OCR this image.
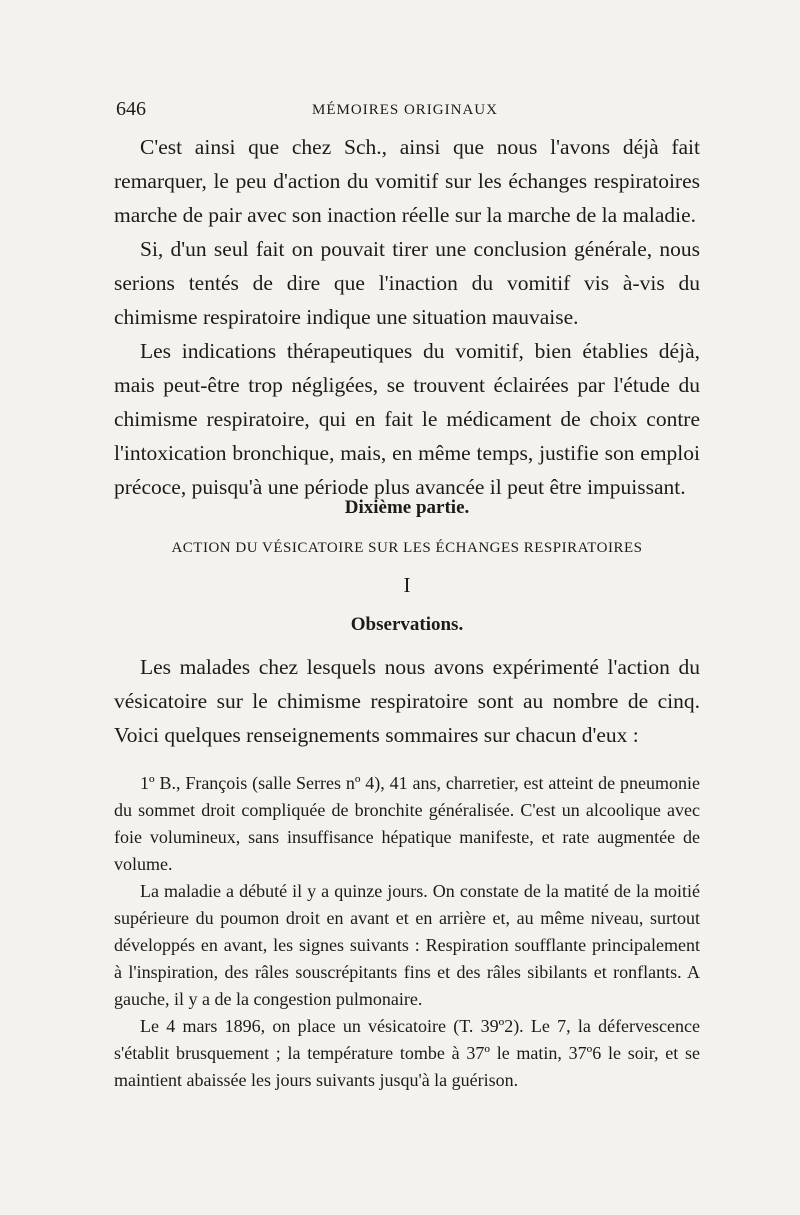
646	MÉMOIRES ORIGINAUX

C'est ainsi que chez Sch., ainsi que nous l'avons déjà fait remarquer, le peu d'action du vomitif sur les échanges respiratoires marche de pair avec son inaction réelle sur la marche de la maladie.

Si, d'un seul fait on pouvait tirer une conclusion générale, nous serions tentés de dire que l'inaction du vomitif vis à-vis du chimisme respiratoire indique une situation mauvaise.

Les indications thérapeutiques du vomitif, bien établies déjà, mais peut-être trop négligées, se trouvent éclairées par l'étude du chimisme respiratoire, qui en fait le médicament de choix contre l'intoxication bronchique, mais, en même temps, justifie son emploi précoce, puisqu'à une période plus avancée il peut être impuissant.

Dixième partie.
ACTION DU VÉSICATOIRE SUR LES ÉCHANGES RESPIRATOIRES
I
Observations.

Les malades chez lesquels nous avons expérimenté l'action du vésicatoire sur le chimisme respiratoire sont au nombre de cinq. Voici quelques renseignements sommaires sur chacun d'eux :

1º B., François (salle Serres nº 4), 41 ans, charretier, est atteint de pneumonie du sommet droit compliquée de bronchite généralisée. C'est un alcoolique avec foie volumineux, sans insuffisance hépatique manifeste, et rate augmentée de volume.

La maladie a débuté il y a quinze jours. On constate de la matité de la moitié supérieure du poumon droit en avant et en arrière et, au même niveau, surtout développés en avant, les signes suivants : Respiration soufflante principalement à l'inspiration, des râles souscrépitants fins et des râles sibilants et ronflants. A gauche, il y a de la congestion pulmonaire.

Le 4 mars 1896, on place un vésicatoire (T. 39º2). Le 7, la défervescence s'établit brusquement ; la température tombe à 37º le matin, 37º6 le soir, et se maintient abaissée les jours suivants jusqu'à la guérison.
